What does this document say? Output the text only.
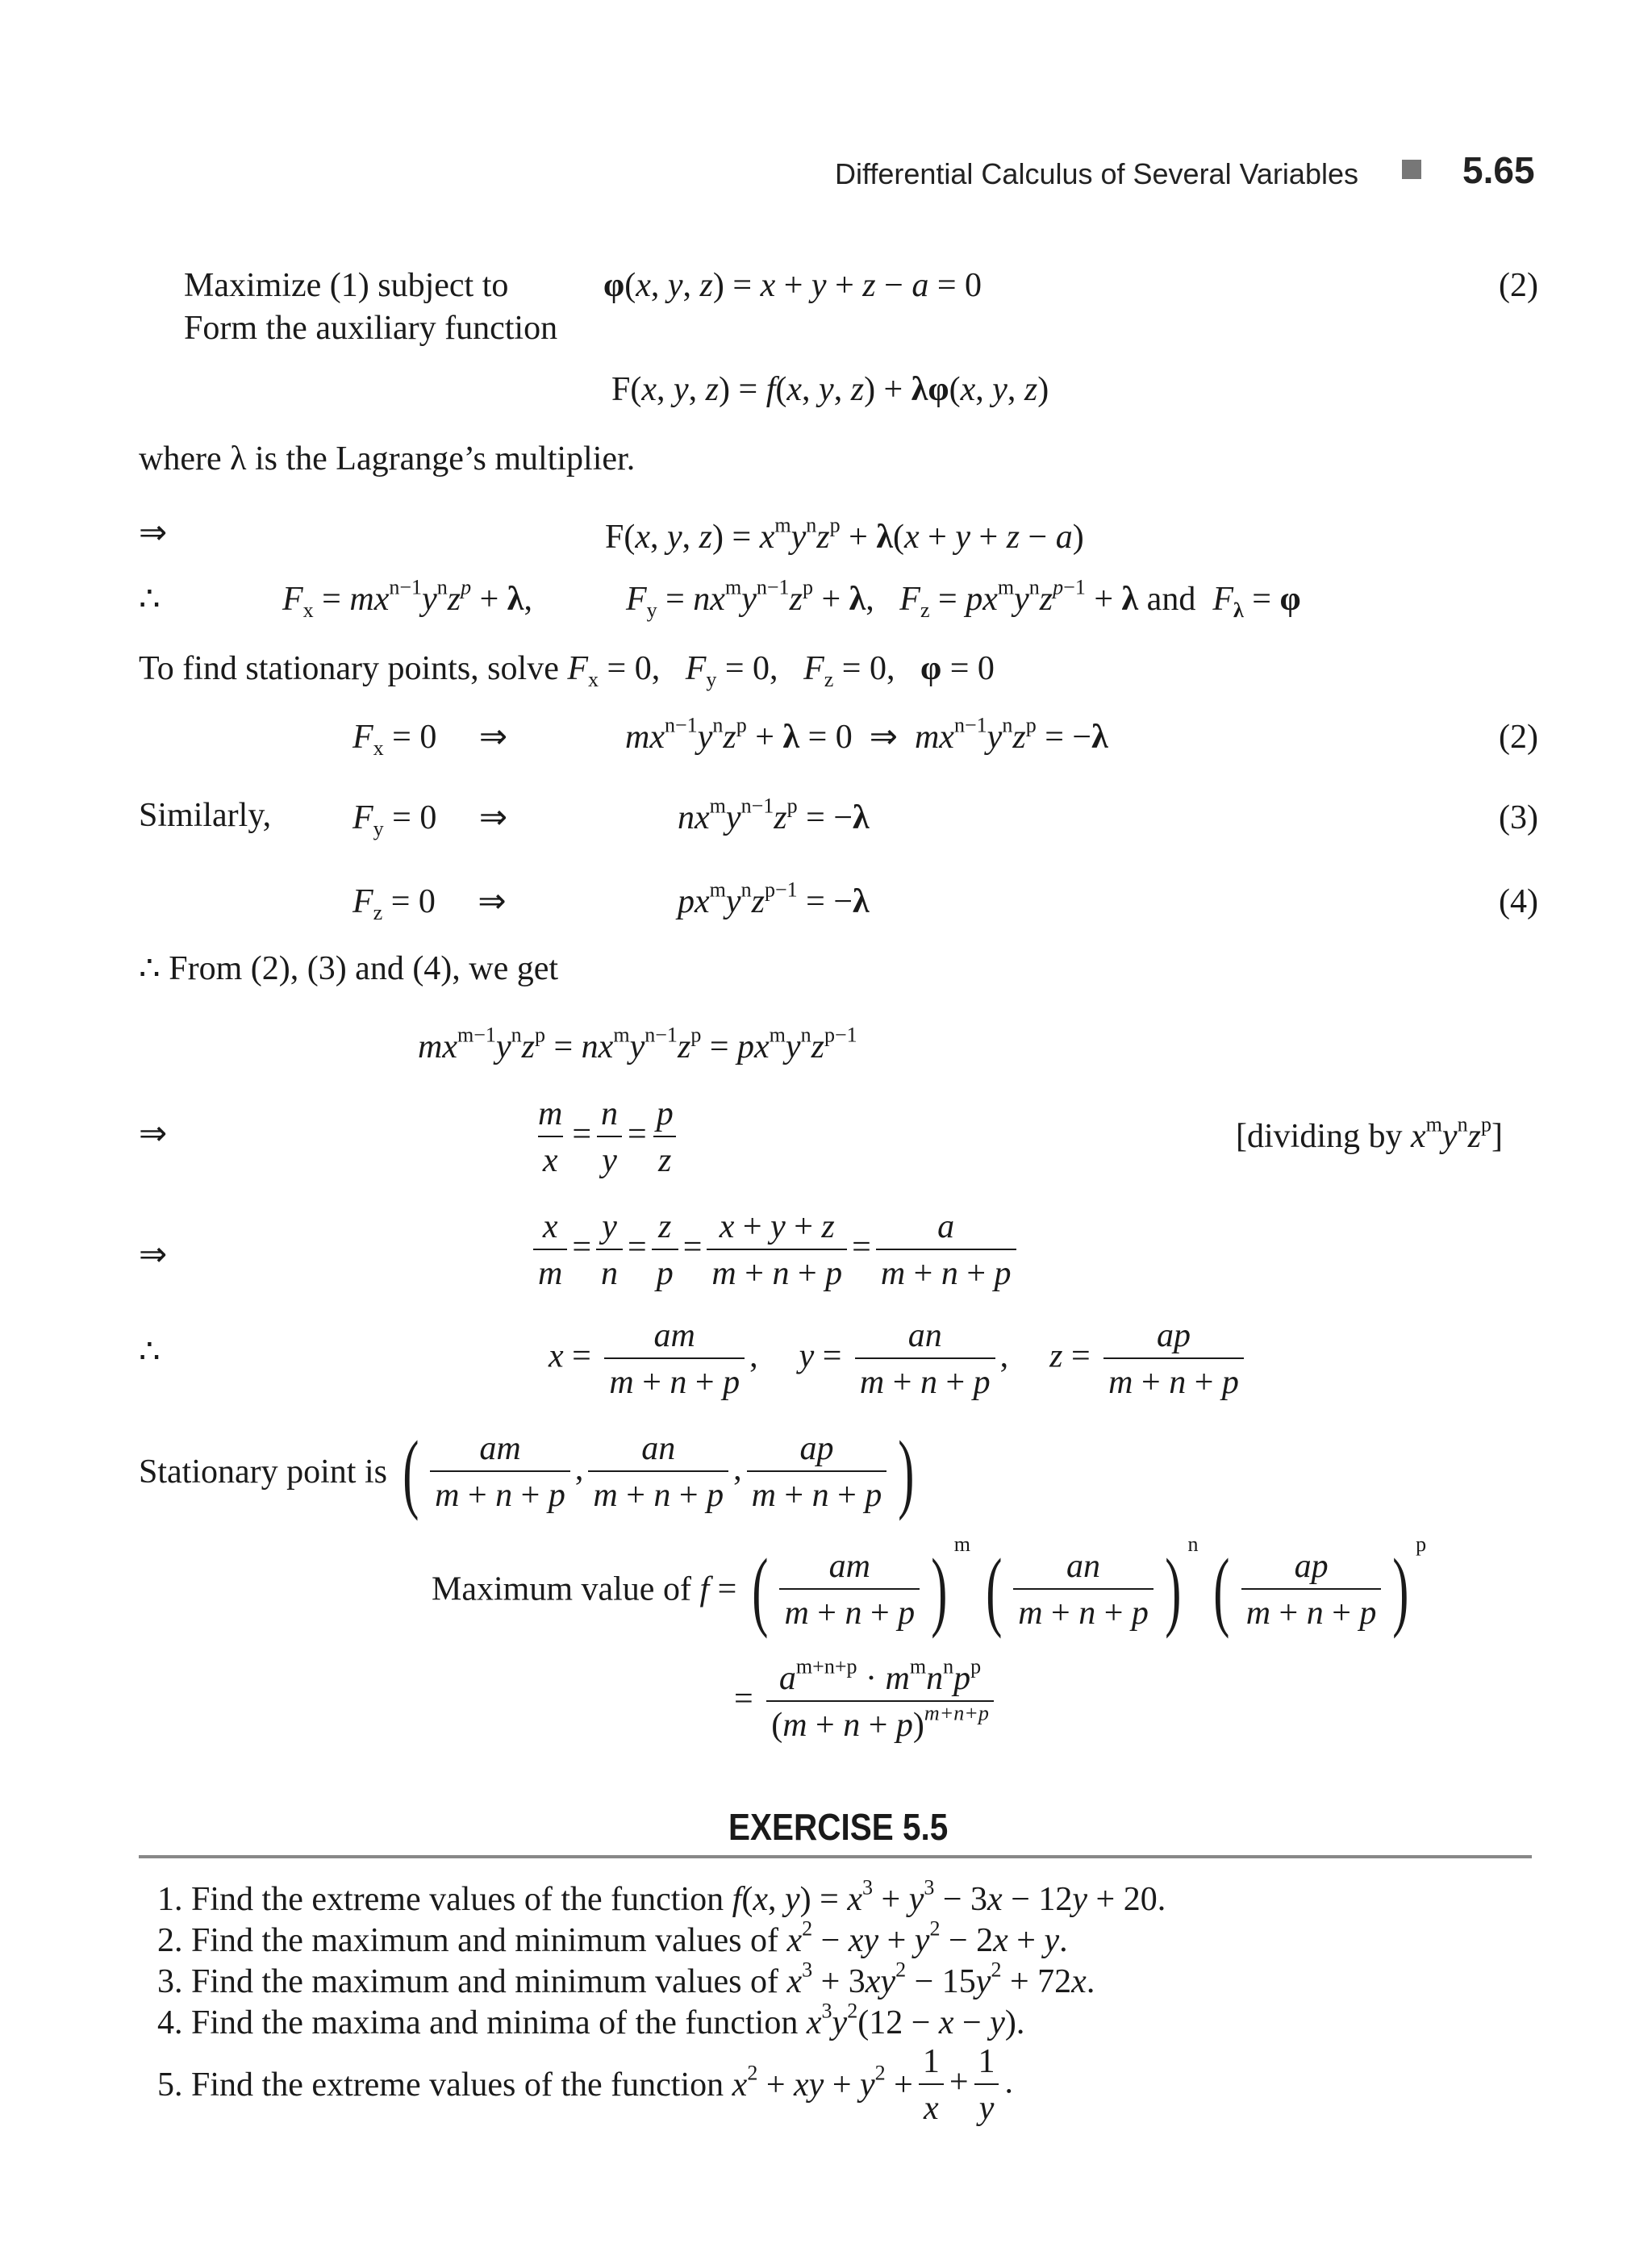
Differential Calculus of Several Variables	5.65
Maximize (1) subject to	φ(x, y, z) = x + y + z − a = 0	(2)
Form the auxiliary function
F(x, y, z) = f(x, y, z) + λφ(x, y, z)
where λ is the Lagrange’s multiplier.
⇒	F(x, y, $z) = x^my^nz^p + \lambda(x + y + z - a)$
∴	$F_x = mx^{n-1}y^nz^p + \lambda$,	$F_y = nx^my^{n-1}z^p + \lambda$,   $F_z = px^my^nz^{p-1} + \lambda$ and  $F_\lambda = \varphi$
To find stationary points, solve $F_x = 0$,   $F_y = 0$,   $F_z = 0$,   φ = 0
$F_x = 0$     ⇒	$mx^{n-1}y^nz^p + \lambda = 0$  ⇒  $mx^{n-1}y^nz^p = -\lambda$	(2)
Similarly, $F_y = 0$     ⇒	$nx^my^{n-1}z^p = -\lambda$	(3)
$F_z = 0$     ⇒	$px^my^nz^{p-1} = -\lambda$	(4)
∴ From (2), (3) and (4), we get
$mx^{m-1}y^nz^p = nx^my^{n-1}z^p = px^my^nz^{p-1}$
⇒	$\frac{m}{x} = \frac{n}{y} = \frac{p}{z}$	[dividing by $x^my^nz^p$]
⇒	$\frac{x}{m} = \frac{y}{n} = \frac{z}{p} = \frac{x + y + z}{m + n + p} = \frac{a}{m + n + p}$
∴	$x = \frac{am}{m + n + p}$ ,  $y = \frac{an}{m + n + p}$ ,  $z = \frac{ap}{m + n + p}$
Stationary point is ( $\frac{am}{m + n + p}$ , $\frac{an}{m + n + p}$ , $\frac{ap}{m + n + p}$ )
Maximum value of f = ( $\frac{am}{m + n + p}$ ) $^m$ ( $\frac{an}{m + n + p}$ ) $^n$ ( $\frac{ap}{m + n + p}$ ) $^p$
= $\frac{a^{m+n+p} \cdot m^mn^np^p}{(m + n + p)^{m+n+p}}$
EXERCISE 5.5
1. Find the extreme values of the function f(x, $y) = x^3 + y^3 - 3x - 12y + 20$.
2. Find the maximum and minimum values of $x^2$ − xy + $y^2 - 2x + y$.
3. Find the maximum and minimum values of $x^3 + 3xy^2 - 15y^2 + 72x$.
4. Find the maxima and minima of the function $x^3y^2(12 - x - y)$.
5. Find the extreme values of the function $x^2$ + xy + $y^2 + \frac{1}{x} + \frac{1}{y}$ .
